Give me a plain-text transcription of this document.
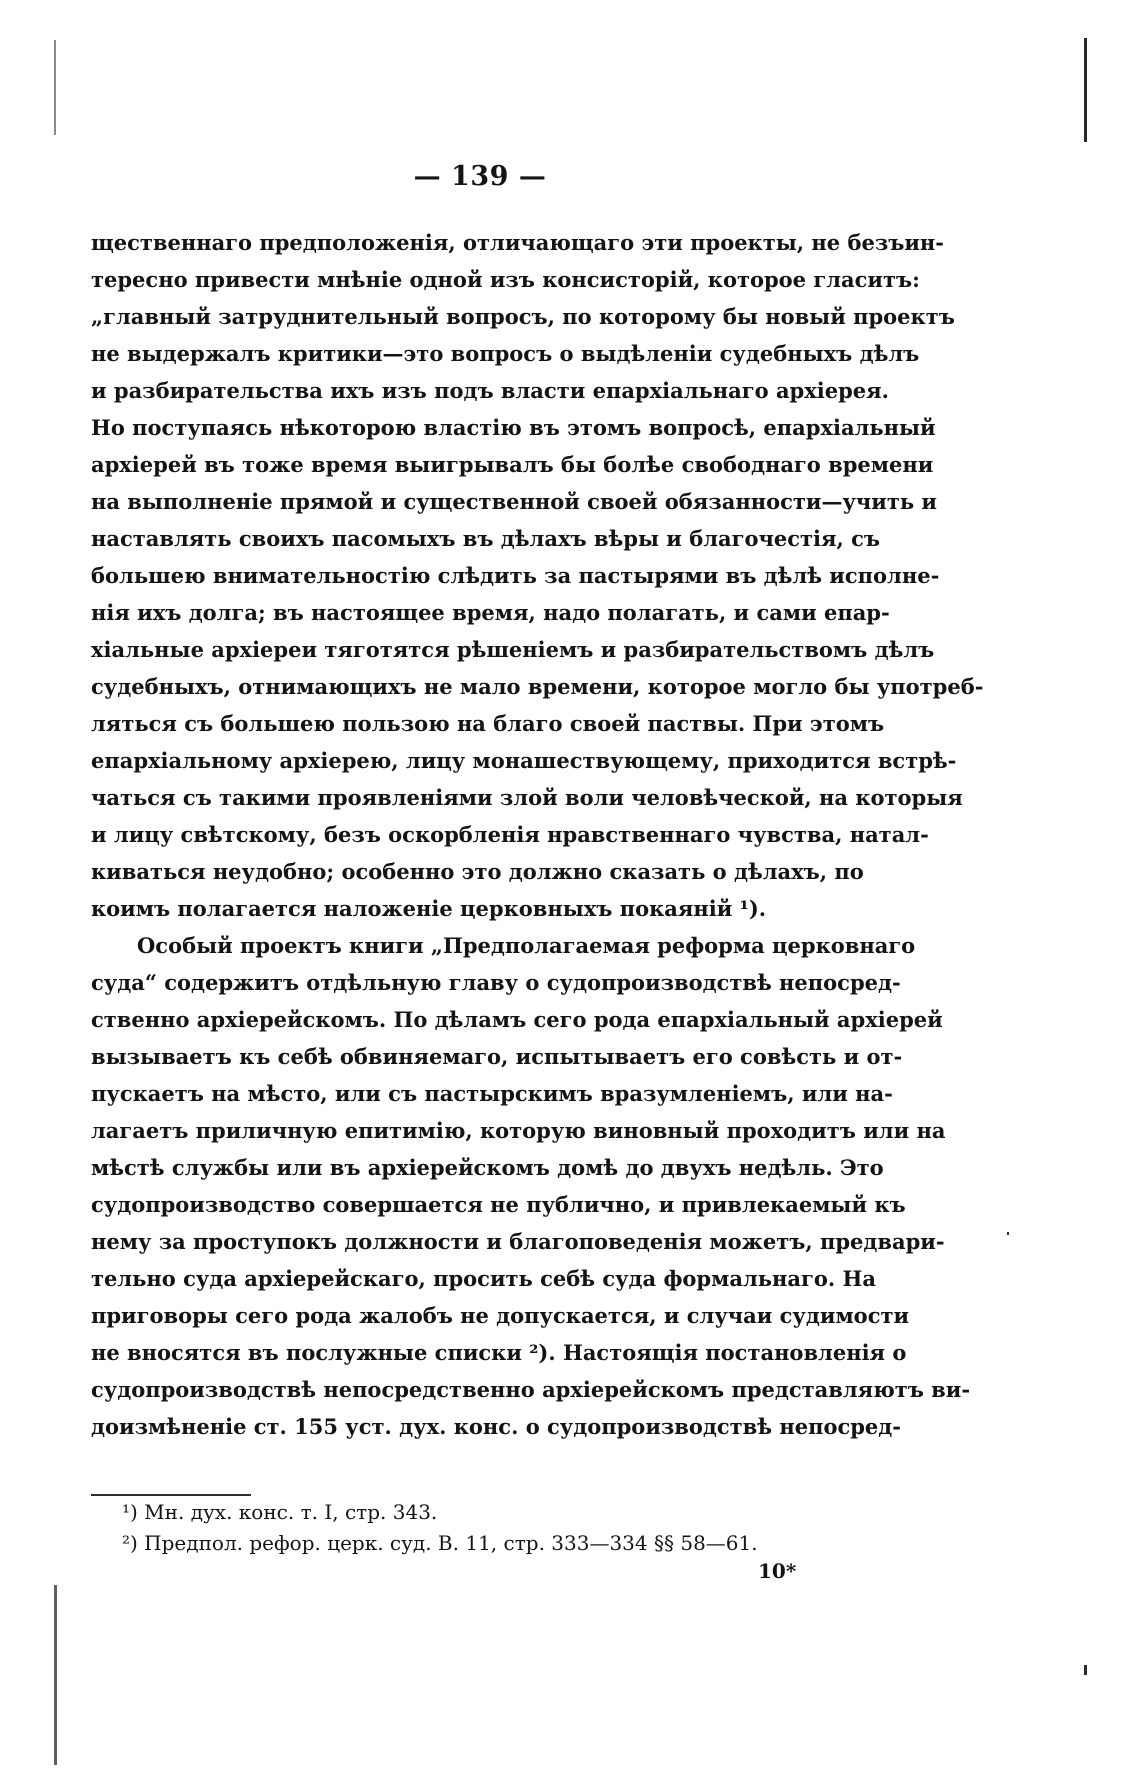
— 139 —
щественнаго предположенія, отличающаго эти проекты, не безъин-
тересно привести мнѣніе одной изъ консисторій, которое гласитъ:
„главный затруднительный вопросъ, по которому бы новый проектъ
не выдержалъ критики—это вопросъ о выдѣленіи судебныхъ дѣлъ
и разбирательства ихъ изъ подъ власти епархіальнаго архіерея.
Но поступаясь нѣкоторою властію въ этомъ вопросѣ, епархіальный
архіерей въ тоже время выигрывалъ бы болѣе свободнаго времени
на выполненіе прямой и существенной своей обязанности—учить и
наставлять своихъ пасомыхъ въ дѣлахъ вѣры и благочестія, съ
большею внимательностію слѣдить за пастырями въ дѣлѣ исполне-
нія ихъ долга; въ настоящее время, надо полагать, и сами епар-
хіальные архіереи тяготятся рѣшеніемъ и разбирательствомъ дѣлъ
судебныхъ, отнимающихъ не мало времени, которое могло бы употреб-
ляться съ большею пользою на благо своей паствы. При этомъ
епархіальному архіерею, лицу монашествующему, приходится встрѣ-
чаться съ такими проявленіями злой воли человѣческой, на которыя
и лицу свѣтскому, безъ оскорбленія нравственнаго чувства, натал-
киваться неудобно; особенно это должно сказать о дѣлахъ, по
коимъ полагается наложеніе церковныхъ покаяній ¹).
Особый проектъ книги „Предполагаемая реформа церковнаго
суда“ содержитъ отдѣльную главу о судопроизводствѣ непосред-
ственно архіерейскомъ. По дѣламъ сего рода епархіальный архіерей
вызываетъ къ себѣ обвиняемаго, испытываетъ его совѣсть и от-
пускаетъ на мѣсто, или съ пастырскимъ вразумленіемъ, или на-
лагаетъ приличную епитимію, которую виновный проходитъ или на
мѣстѣ службы или въ архіерейскомъ домѣ до двухъ недѣль. Это
судопроизводство совершается не публично, и привлекаемый къ
нему за проступокъ должности и благоповеденія можетъ, предвари-
тельно суда архіерейскаго, просить себѣ суда формальнаго. На
приговоры сего рода жалобъ не допускается, и случаи судимости
не вносятся въ послужные списки ²). Настоящія постановленія о
судопроизводствѣ непосредственно архіерейскомъ представляютъ ви-
доизмѣненіе ст. 155 уст. дух. конс. о судопроизводствѣ непосред-
¹) Мн. дух. конс. т. I, стр. 343.
²) Предпол. рефор. церк. суд. В. 11, стр. 333—334 §§ 58—61.
10*
